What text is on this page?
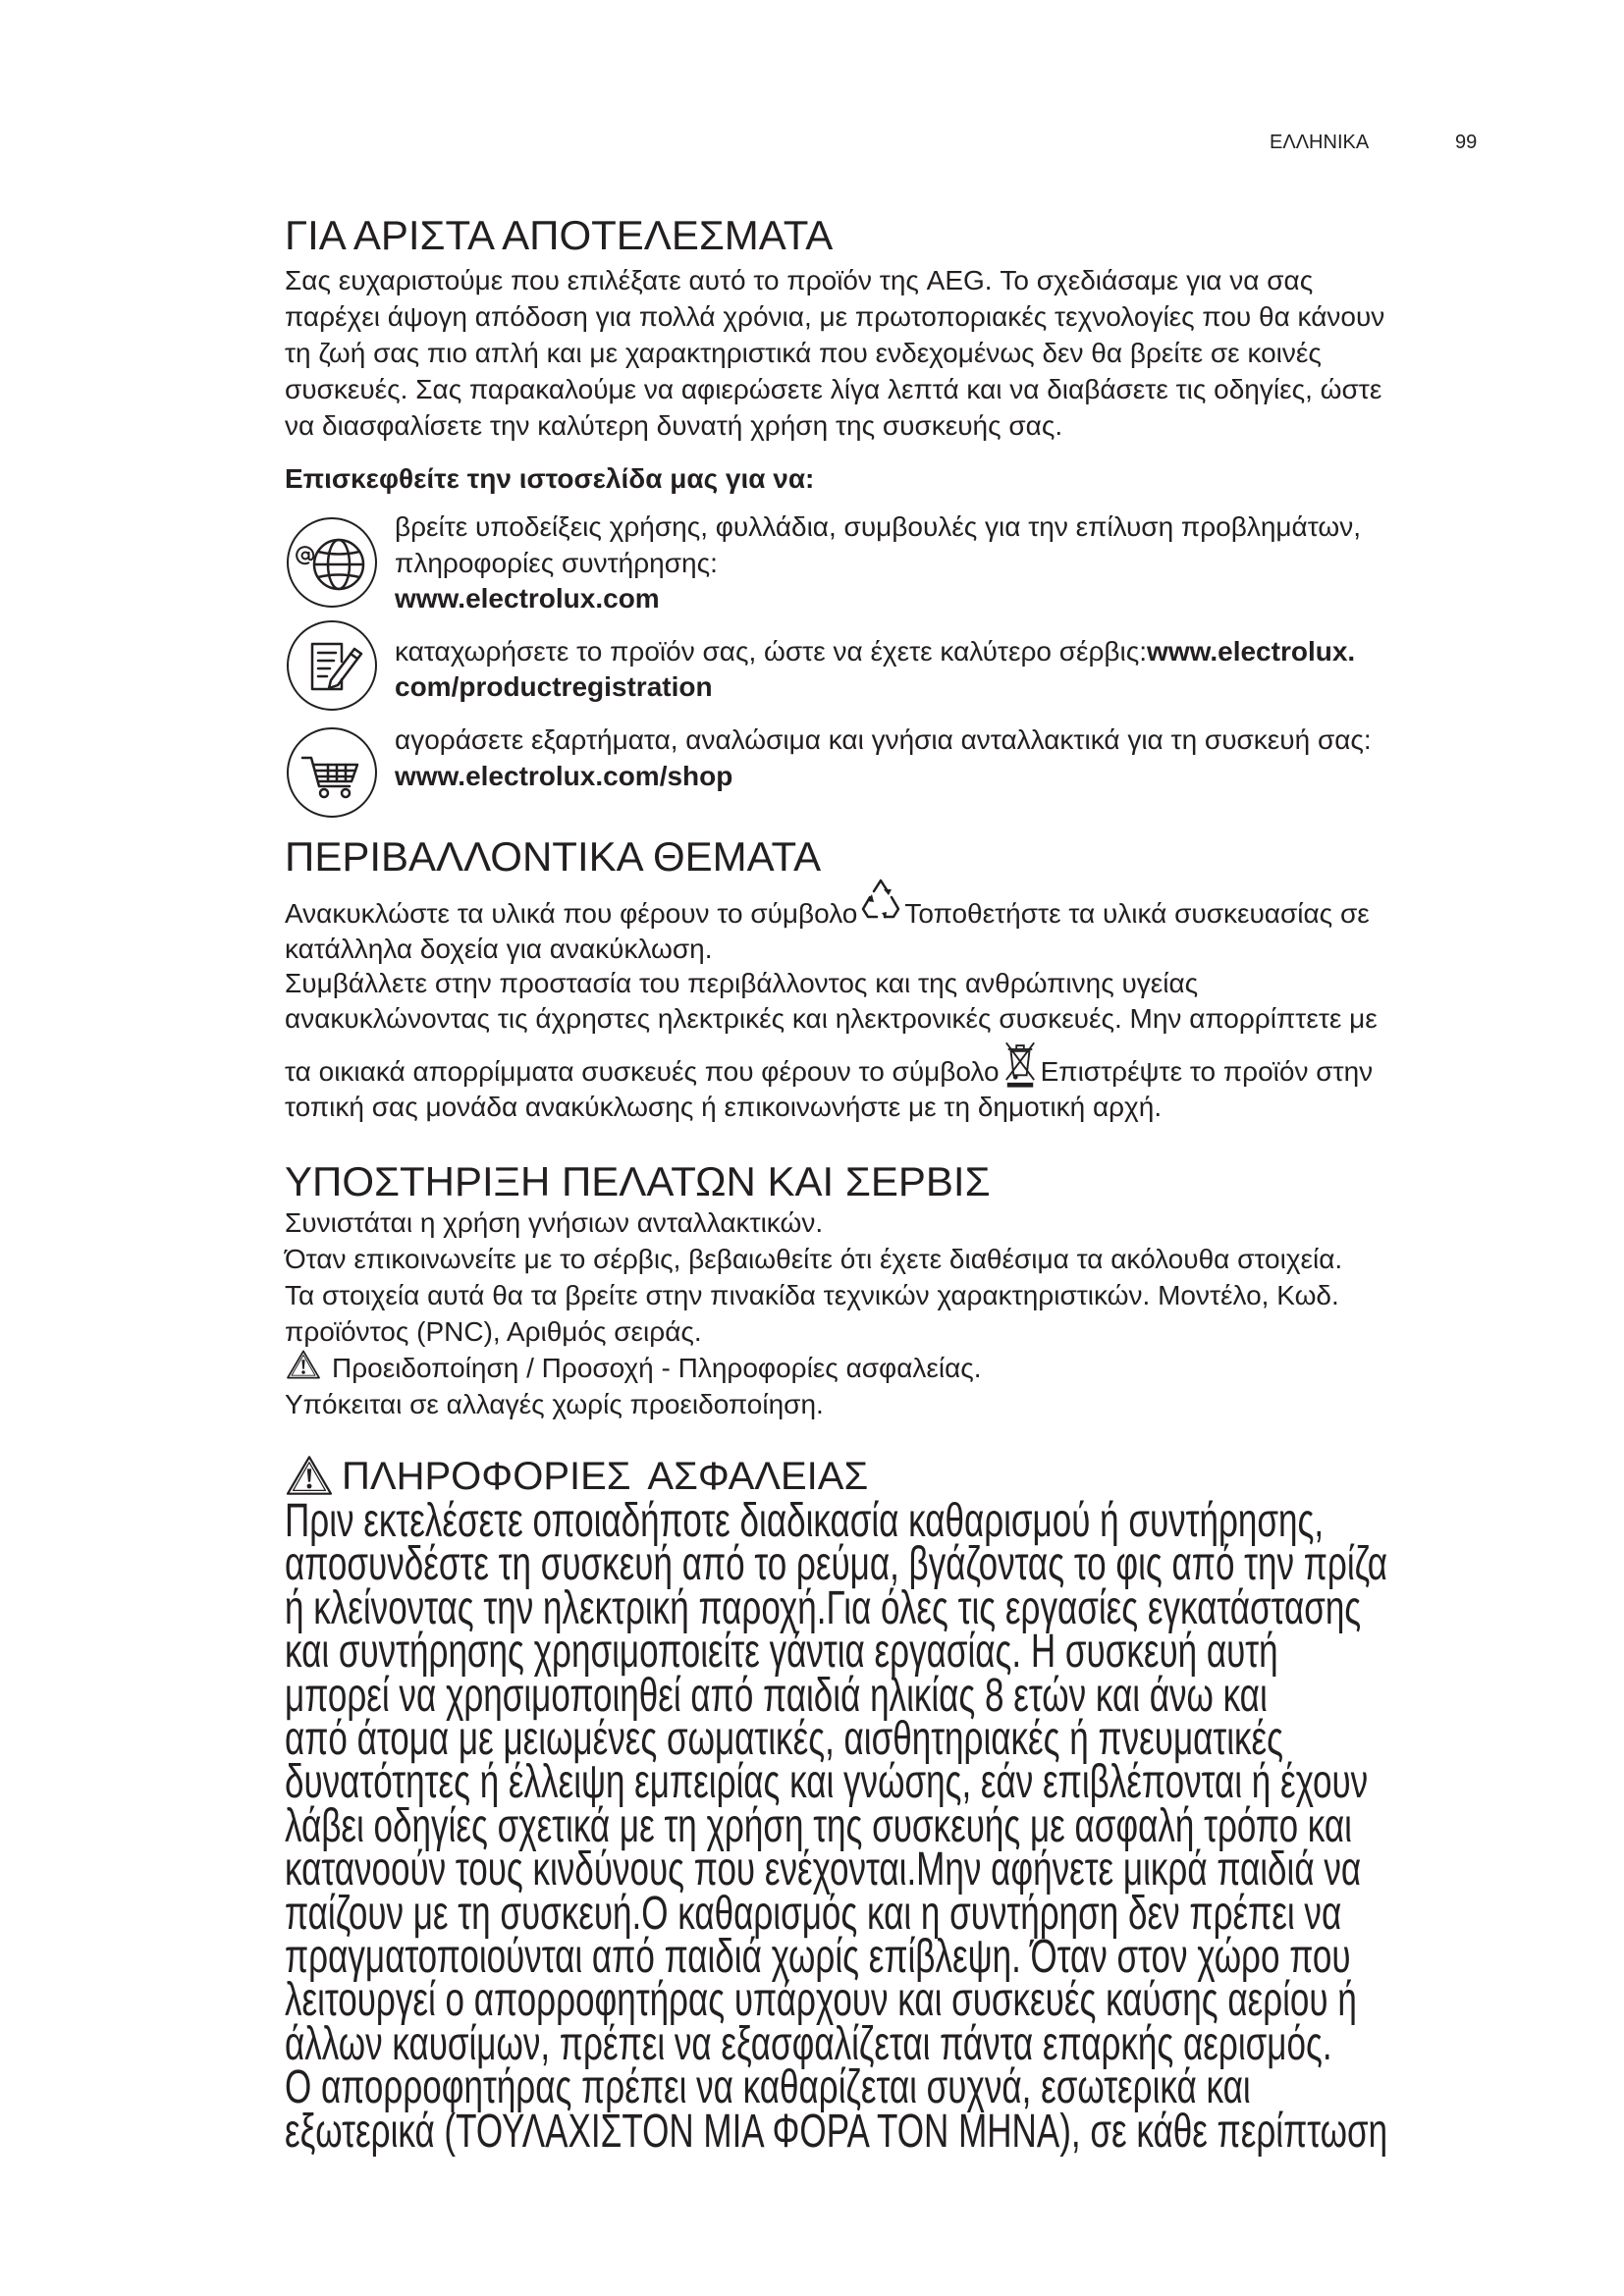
ΕΛΛΗΝΙΚΑ	99
ΓΙΑ ΑΡΙΣΤΑ ΑΠΟΤΕΛΕΣΜΑΤΑ
Σας ευχαριστούμε που επιλέξατε αυτό το προϊόν της AEG. Το σχεδιάσαμε για να σας
παρέχει άψογη απόδοση για πολλά χρόνια, με πρωτοποριακές τεχνολογίες που θα κάνουν
τη ζωή σας πιο απλή και με χαρακτηριστικά που ενδεχομένως δεν θα βρείτε σε κοινές
συσκευές. Σας παρακαλούμε να αφιερώσετε λίγα λεπτά και να διαβάσετε τις οδηγίες, ώστε
να διασφαλίσετε την καλύτερη δυνατή χρήση της συσκευής σας.
Επισκεφθείτε την ιστοσελίδα μας για να:
βρείτε υποδείξεις χρήσης, φυλλάδια, συμβουλές για την επίλυση προβλημάτων,
πληροφορίες συντήρησης:
www.electrolux.com
καταχωρήσετε το προϊόν σας, ώστε να έχετε καλύτερο σέρβις:www.electrolux.
com/productregistration
αγοράσετε εξαρτήματα, αναλώσιμα και γνήσια ανταλλακτικά για τη συσκευή σας:
www.electrolux.com/shop
ΠΕΡΙΒΑΛΛΟΝΤΙΚΑ ΘΕΜΑΤΑ
Ανακυκλώστε τα υλικά που φέρουν το σύμβολο Τοποθετήστε τα υλικά συσκευασίας σε
κατάλληλα δοχεία για ανακύκλωση.
Συμβάλλετε στην προστασία του περιβάλλοντος και της ανθρώπινης υγείας
ανακυκλώνοντας τις άχρηστες ηλεκτρικές και ηλεκτρονικές συσκευές. Μην απορρίπτετε με
τα οικιακά απορρίμματα συσκευές που φέρουν το σύμβολο Επιστρέψτε το προϊόν στην
τοπική σας μονάδα ανακύκλωσης ή επικοινωνήστε με τη δημοτική αρχή.
ΥΠΟΣΤΗΡΙΞΗ ΠΕΛΑΤΩΝ ΚΑΙ ΣΕΡΒΙΣ
Συνιστάται η χρήση γνήσιων ανταλλακτικών.
Όταν επικοινωνείτε με το σέρβις, βεβαιωθείτε ότι έχετε διαθέσιμα τα ακόλουθα στοιχεία.
Τα στοιχεία αυτά θα τα βρείτε στην πινακίδα τεχνικών χαρακτηριστικών. Μοντέλο, Κωδ.
προϊόντος (PNC), Αριθμός σειράς.
Προειδοποίηση / Προσοχή - Πληροφορίες ασφαλείας.
Υπόκειται σε αλλαγές χωρίς προειδοποίηση.
ΠΛΗΡΟΦΟΡΙΕΣ ΑΣΦΑΛΕΙΑΣ
Πριν εκτελέσετε οποιαδήποτε διαδικασία καθαρισμού ή συντήρησης,
αποσυνδέστε τη συσκευή από το ρεύμα, βγάζοντας το φις από την πρίζα
ή κλείνοντας την ηλεκτρική παροχή.Για όλες τις εργασίες εγκατάστασης
και συντήρησης χρησιμοποιείτε γάντια εργασίας. Η συσκευή αυτή
μπορεί να χρησιμοποιηθεί από παιδιά ηλικίας 8 ετών και άνω και
από άτομα με μειωμένες σωματικές, αισθητηριακές ή πνευματικές
δυνατότητες ή έλλειψη εμπειρίας και γνώσης, εάν επιβλέπονται ή έχουν
λάβει οδηγίες σχετικά με τη χρήση της συσκευής με ασφαλή τρόπο και
κατανοούν τους κινδύνους που ενέχονται.Μην αφήνετε μικρά παιδιά να
παίζουν με τη συσκευή.Ο καθαρισμός και η συντήρηση δεν πρέπει να
πραγματοποιούνται από παιδιά χωρίς επίβλεψη. Όταν στον χώρο που
λειτουργεί ο απορροφητήρας υπάρχουν και συσκευές καύσης αερίου ή
άλλων καυσίμων, πρέπει να εξασφαλίζεται πάντα επαρκής αερισμός.
Ο απορροφητήρας πρέπει να καθαρίζεται συχνά, εσωτερικά και
εξωτερικά (ΤΟΥΛΑΧΙΣΤΟΝ ΜΙΑ ΦΟΡΑ ΤΟΝ ΜΗΝΑ), σε κάθε περίπτωση
